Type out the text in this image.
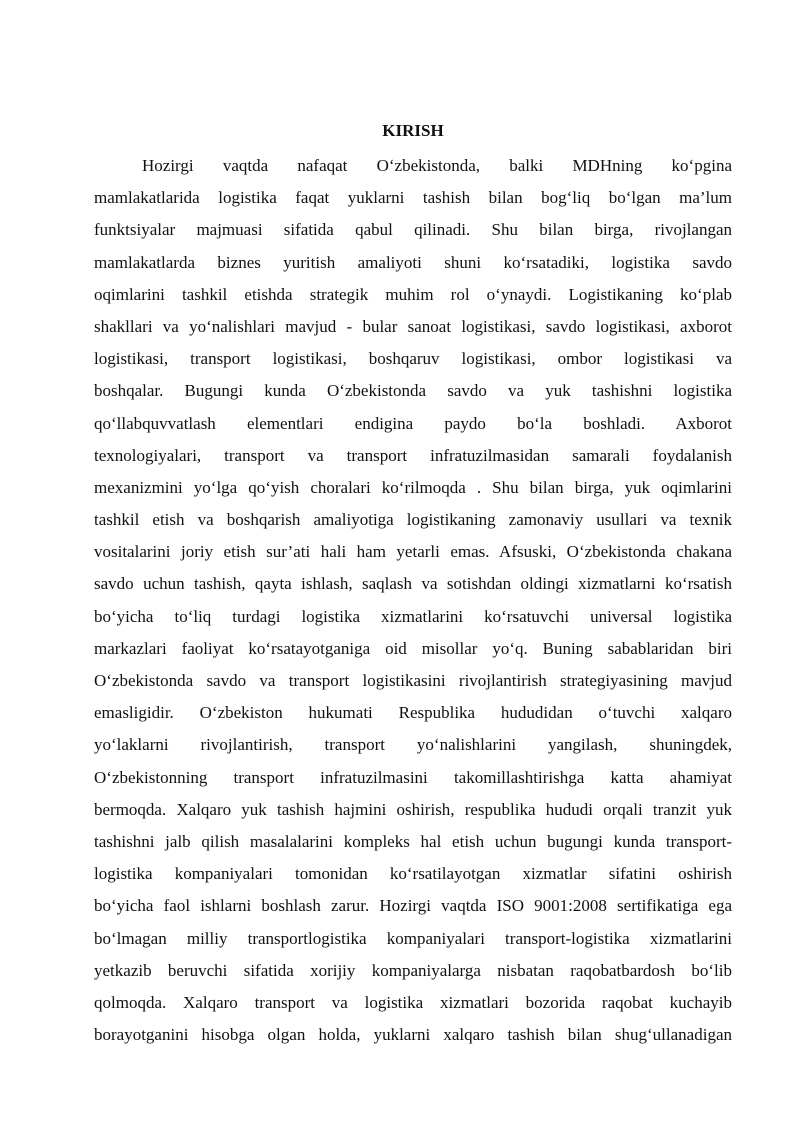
KIRISH
Hozirgi vaqtda nafaqat O‘zbekistonda, balki MDHning ko‘pgina
mamlakatlarida logistika faqat yuklarni tashish bilan bog‘liq bo‘lgan ma’lum
funktsiyalar majmuasi sifatida qabul qilinadi. Shu bilan birga, rivojlangan
mamlakatlarda biznes yuritish amaliyoti shuni ko‘rsatadiki, logistika savdo
oqimlarini tashkil etishda strategik muhim rol o‘ynaydi. Logistikaning ko‘plab
shakllari va yo‘nalishlari mavjud - bular sanoat logistikasi, savdo logistikasi, axborot
logistikasi, transport logistikasi, boshqaruv logistikasi, ombor logistikasi va
boshqalar. Bugungi kunda O‘zbekistonda savdo va yuk tashishni logistika
qo‘llabquvvatlash elementlari endigina paydo bo‘la boshladi. Axborot
texnologiyalari, transport va transport infratuzilmasidan samarali foydalanish
mexanizmini yo‘lga qo‘yish choralari ko‘rilmoqda . Shu bilan birga, yuk oqimlarini
tashkil etish va boshqarish amaliyotiga logistikaning zamonaviy usullari va texnik
vositalarini joriy etish sur’ati hali ham yetarli emas. Afsuski, O‘zbekistonda chakana
savdo uchun tashish, qayta ishlash, saqlash va sotishdan oldingi xizmatlarni ko‘rsatish
bo‘yicha to‘liq turdagi logistika xizmatlarini ko‘rsatuvchi universal logistika
markazlari faoliyat ko‘rsatayotganiga oid misollar yo‘q. Buning sabablaridan biri
O‘zbekistonda savdo va transport logistikasini rivojlantirish strategiyasining mavjud
emasligidir. O‘zbekiston hukumati Respublika hududidan o‘tuvchi xalqaro
yo‘laklarni rivojlantirish, transport yo‘nalishlarini yangilash, shuningdek,
O‘zbekistonning transport infratuzilmasini takomillashtirishga katta ahamiyat
bermoqda. Xalqaro yuk tashish hajmini oshirish, respublika hududi orqali tranzit yuk
tashishni jalb qilish masalalarini kompleks hal etish uchun bugungi kunda transport-
logistika kompaniyalari tomonidan ko‘rsatilayotgan xizmatlar sifatini oshirish
bo‘yicha faol ishlarni boshlash zarur. Hozirgi vaqtda ISO 9001:2008 sertifikatiga ega
bo‘lmagan milliy transportlogistika kompaniyalari transport-logistika xizmatlarini
yetkazib beruvchi sifatida xorijiy kompaniyalarga nisbatan raqobatbardosh bo‘lib
qolmoqda. Xalqaro transport va logistika xizmatlari bozorida raqobat kuchayib
borayotganini hisobga olgan holda, yuklarni xalqaro tashish bilan shug‘ullanadigan
